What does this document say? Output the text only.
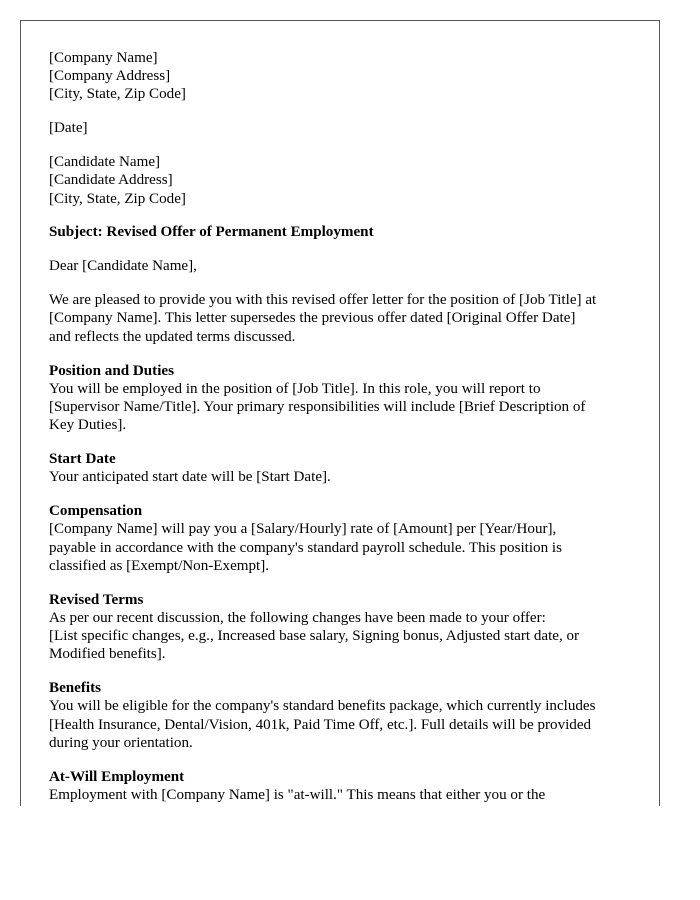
[Company Name]
[Company Address]
[City, State, Zip Code]
[Date]
[Candidate Name]
[Candidate Address]
[City, State, Zip Code]
Subject: Revised Offer of Permanent Employment
Dear [Candidate Name],
We are pleased to provide you with this revised offer letter for the position of [Job Title] at
[Company Name]. This letter supersedes the previous offer dated [Original Offer Date]
and reflects the updated terms discussed.
Position and Duties
You will be employed in the position of [Job Title]. In this role, you will report to
[Supervisor Name/Title]. Your primary responsibilities will include [Brief Description of
Key Duties].
Start Date
Your anticipated start date will be [Start Date].
Compensation
[Company Name] will pay you a [Salary/Hourly] rate of [Amount] per [Year/Hour],
payable in accordance with the company's standard payroll schedule. This position is
classified as [Exempt/Non-Exempt].
Revised Terms
As per our recent discussion, the following changes have been made to your offer:
[List specific changes, e.g., Increased base salary, Signing bonus, Adjusted start date, or
Modified benefits].
Benefits
You will be eligible for the company's standard benefits package, which currently includes
[Health Insurance, Dental/Vision, 401k, Paid Time Off, etc.]. Full details will be provided
during your orientation.
At-Will Employment
Employment with [Company Name] is "at-will." This means that either you or the
